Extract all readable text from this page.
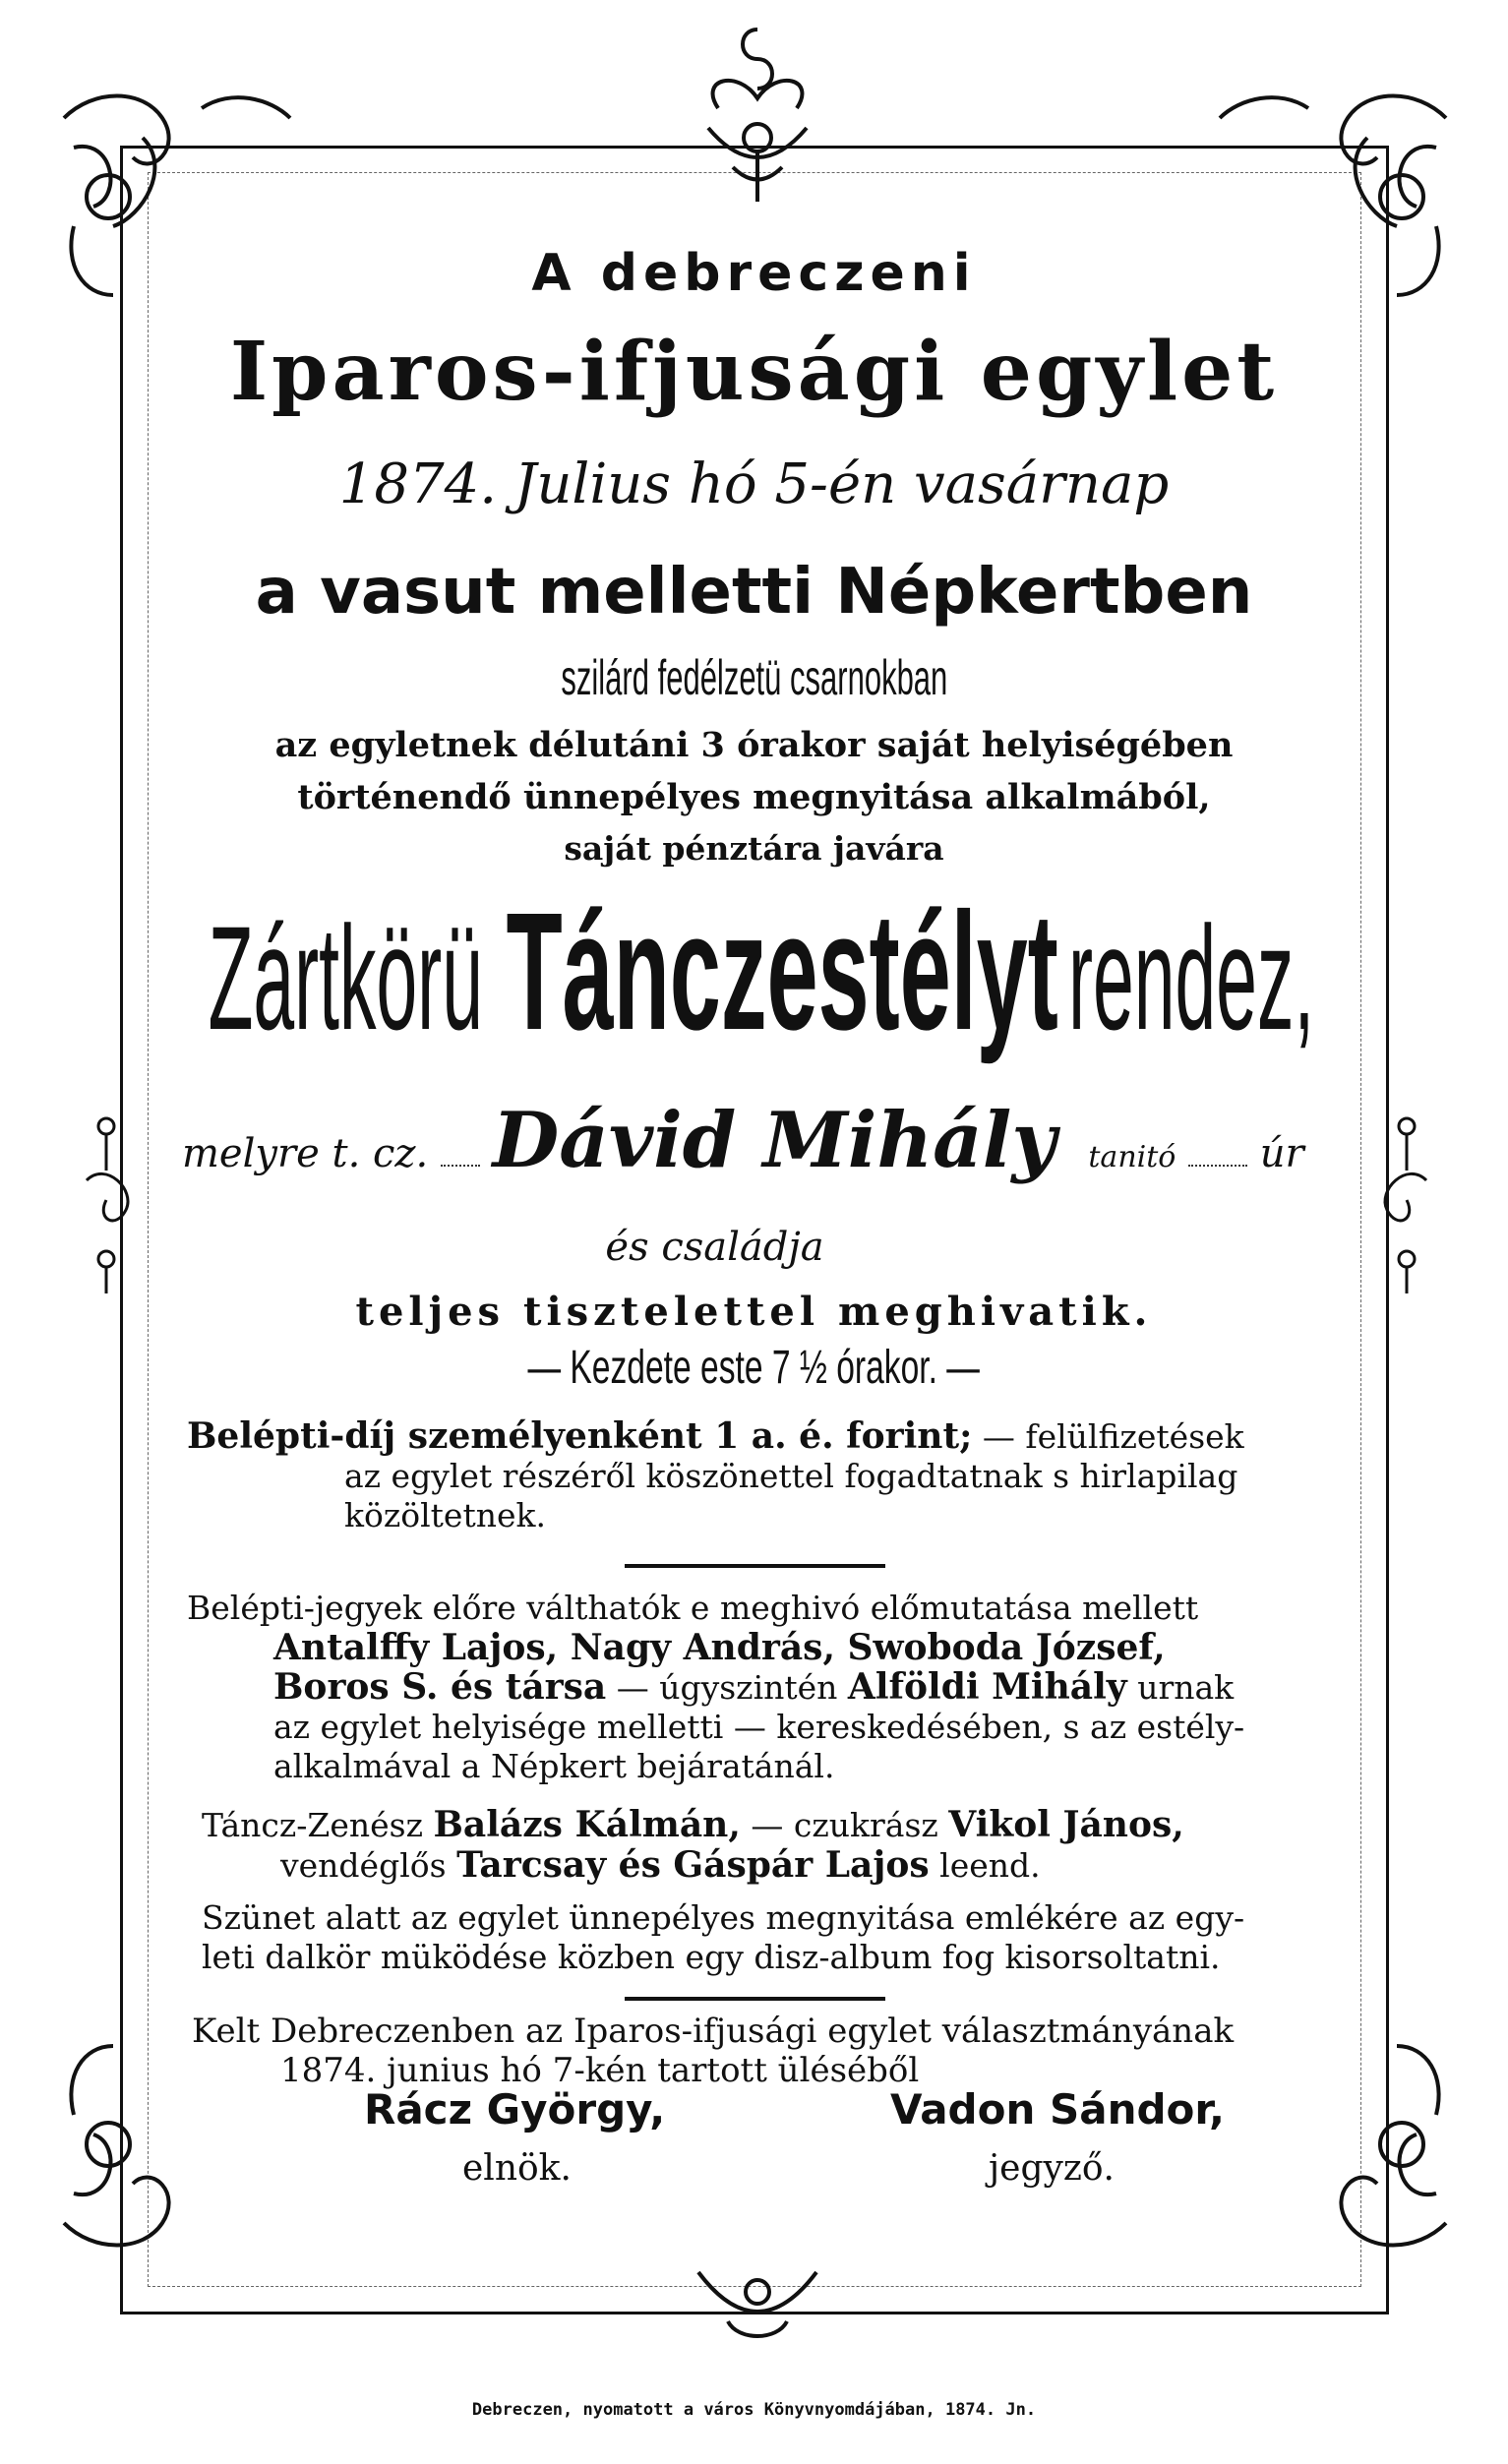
A debreczeni
Iparos-ifjusági egylet
1874. Julius hó 5-én vasárnap
a vasut melletti Népkertben
szilárd fedélzetü csarnokban
az egyletnek délutáni 3 órakor saját helyiségében
történendő ünnepélyes megnyitása alkalmából,
saját pénztára javára
Zártkörü Tánczestélyt rendez,
melyre t. cz. Dávid Mihály tanitó úr
és családja
teljes tisztelettel meghivatik.
— Kezdete este 7 ½ órakor. —
Belépti-díj személyenként 1 a. é. forint; — felülfizetések
az egylet részéről köszönettel fogadtatnak s hirlapilag
közöltetnek.
Belépti-jegyek előre válthatók e meghivó előmutatása mellett
Antalffy Lajos, Nagy András, Swoboda József,
Boros S. és társa — úgyszintén Alföldi Mihály urnak
az egylet helyisége melletti — kereskedésében, s az estély-
alkalmával a Népkert bejáratánál.
Táncz-Zenész Balázs Kálmán, — czukrász Vikol János,
vendéglős Tarcsay és Gáspár Lajos leend.
Szünet alatt az egylet ünnepélyes megnyitása emlékére az egy-
leti dalkör müködése közben egy disz-album fog kisorsoltatni.
Kelt Debreczenben az Iparos-ifjusági egylet választmányának
1874. junius hó 7-kén tartott üléséből
Rácz György,
elnök.
Vadon Sándor,
jegyző.
Debreczen, nyomatott a város Könyvnyomdájában, 1874. Jn.
